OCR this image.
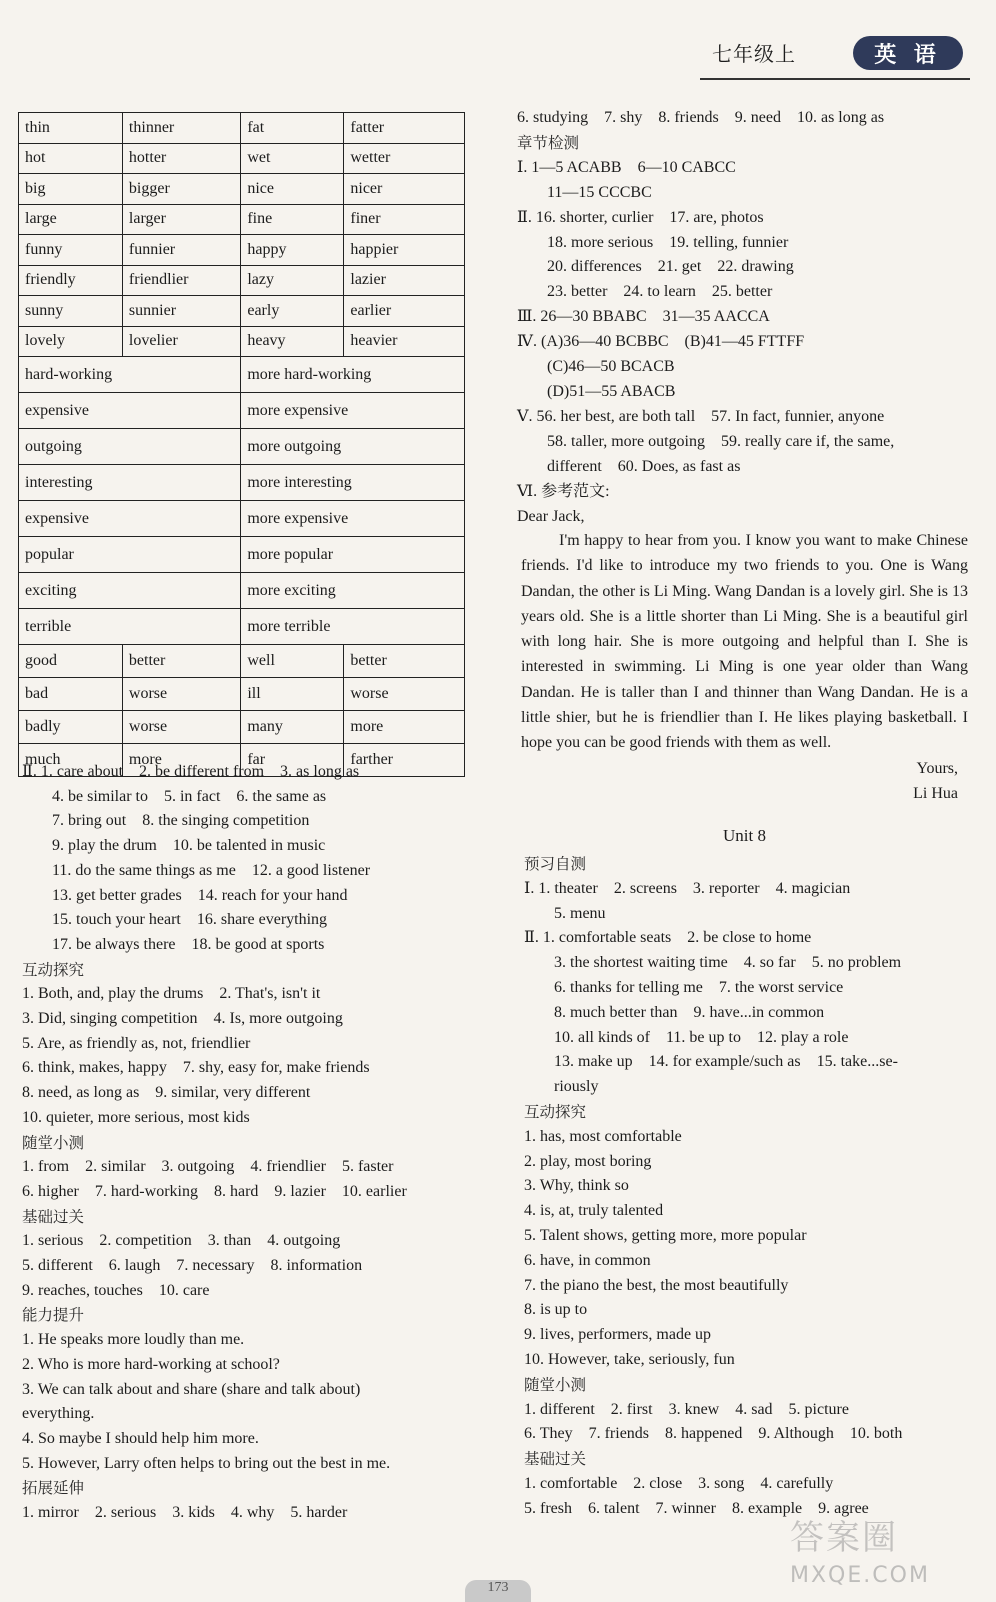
七年级上	英 语
thin	thinner	fat	fatter
hot	hotter	wet	wetter
big	bigger	nice	nicer
large	larger	fine	finer
funny	funnier	happy	happier
friendly	friendlier	lazy	lazier
sunny	sunnier	early	earlier
lovely	lovelier	heavy	heavier
hard-working		more hard-working	
expensive		more expensive	
outgoing		more outgoing	
interesting		more interesting	
expensive		more expensive	
popular		more popular	
exciting		more exciting	
terrible		more terrible	
good	better	well	better
bad	worse	ill	worse
badly	worse	many	more
much	more	far	farther
Ⅱ. 1. care about    2. be different from    3. as long as
4. be similar to    5. in fact    6. the same as
7. bring out    8. the singing competition
9. play the drum    10. be talented in music
11. do the same things as me    12. a good listener
13. get better grades    14. reach for your hand
15. touch your heart    16. share everything
17. be always there    18. be good at sports
互动探究
1. Both, and, play the drums    2. That's, isn't it
3. Did, singing competition    4. Is, more outgoing
5. Are, as friendly as, not, friendlier
6. think, makes, happy    7. shy, easy for, make friends
8. need, as long as    9. similar, very different
10. quieter, more serious, most kids
随堂小测
1. from    2. similar    3. outgoing    4. friendlier    5. faster
6. higher    7. hard-working    8. hard    9. lazier    10. earlier
基础过关
1. serious    2. competition    3. than    4. outgoing
5. different    6. laugh    7. necessary    8. information
9. reaches, touches    10. care
能力提升
1. He speaks more loudly than me.
2. Who is more hard-working at school?
3. We can talk about and share (share and talk about)
everything.
4. So maybe I should help him more.
5. However, Larry often helps to bring out the best in me.
拓展延伸
1. mirror    2. serious    3. kids    4. why    5. harder
6. studying    7. shy    8. friends    9. need    10. as long as
章节检测
Ⅰ. 1—5 ACABB    6—10 CABCC
11—15 CCCBC
Ⅱ. 16. shorter, curlier    17. are, photos
18. more serious    19. telling, funnier
20. differences    21. get    22. drawing
23. better    24. to learn    25. better
Ⅲ. 26—30 BBABC    31—35 AACCA
Ⅳ. (A)36—40 BCBBC    (B)41—45 FTTFF
(C)46—50 BCACB
(D)51—55 ABACB
Ⅴ. 56. her best, are both tall    57. In fact, funnier, anyone
58. taller, more outgoing    59. really care if, the same,
different    60. Does, as fast as
Ⅵ. 参考范文:
Dear Jack,
I'm happy to hear from you. I know you want to make Chinese friends. I'd like to introduce my two friends to you. One is Wang Dandan, the other is Li Ming. Wang Dandan is a lovely girl. She is 13 years old. She is a little shorter than Li Ming. She is a beautiful girl with long hair. She is more outgoing and helpful than I. She is interested in swimming. Li Ming is one year older than Wang Dandan. He is taller than I and thinner than Wang Dandan. He is a little shier, but he is friendlier than I. He likes playing basketball. I hope you can be good friends with them as well.
Yours,
Li Hua
Unit 8
预习自测
Ⅰ. 1. theater    2. screens    3. reporter    4. magician
5. menu
Ⅱ. 1. comfortable seats    2. be close to home
3. the shortest waiting time    4. so far    5. no problem
6. thanks for telling me    7. the worst service
8. much better than    9. have...in common
10. all kinds of    11. be up to    12. play a role
13. make up    14. for example/such as    15. take...se-
riously
互动探究
1. has, most comfortable
2. play, most boring
3. Why, think so
4. is, at, truly talented
5. Talent shows, getting more, more popular
6. have, in common
7. the piano the best, the most beautifully
8. is up to
9. lives, performers, made up
10. However, take, seriously, fun
随堂小测
1. different    2. first    3. knew    4. sad    5. picture
6. They    7. friends    8. happened    9. Although    10. both
基础过关
1. comfortable    2. close    3. song    4. carefully
5. fresh    6. talent    7. winner    8. example    9. agree
173
答案圈
MXQE.COM
